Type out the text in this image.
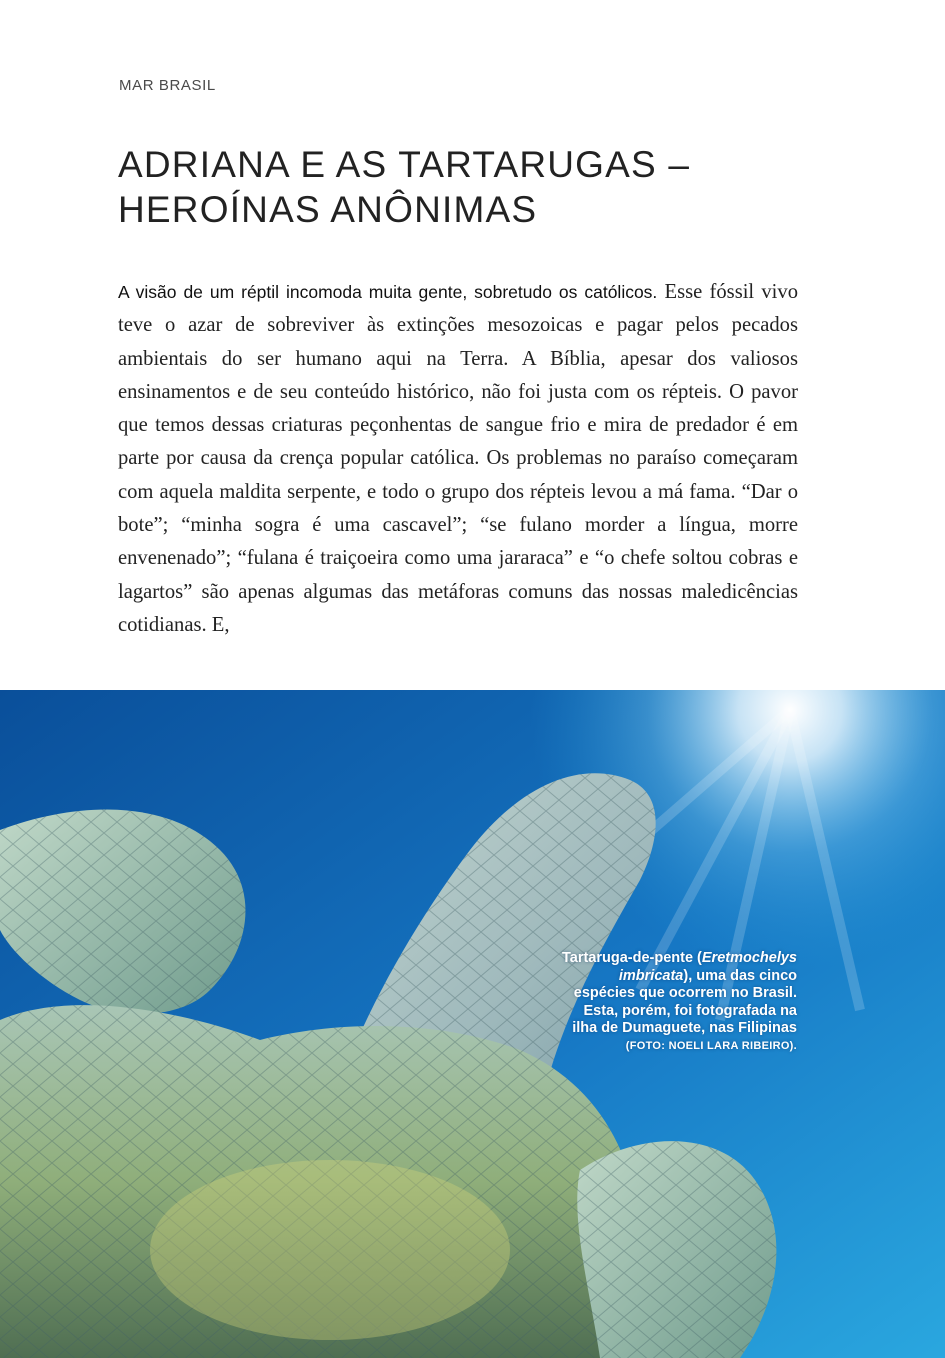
MAR BRASIL
ADRIANA E AS TARTARUGAS –
HEROÍNAS ANÔNIMAS

A visão de um réptil incomoda muita gente, sobretudo os católicos. Esse fóssil vivo teve o azar de sobreviver às extinções mesozoicas e pagar pelos pecados ambientais do ser humano aqui na Terra. A Bíblia, apesar dos valiosos ensinamentos e de seu conteúdo histórico, não foi justa com os répteis. O pavor que temos dessas criaturas peçonhentas de sangue frio e mira de predador é em parte por causa da crença popular católica. Os problemas no paraíso começaram com aquela maldita serpente, e todo o grupo dos répteis levou a má fama. “Dar o bote”; “minha sogra é uma cascavel”; “se fulano morder a língua, morre envenenado”; “fulana é traiçoeira como uma jararaca” e “o chefe soltou cobras e lagartos” são apenas algumas das metáforas comuns das nossas maledicências cotidianas. E,

Tartaruga-de-pente (Eretmochelys imbricata), uma das cinco espécies que ocorrem no Brasil. Esta, porém, foi fotografada na ilha de Dumaguete, nas Filipinas
(FOTO: NOELI LARA RIBEIRO).
